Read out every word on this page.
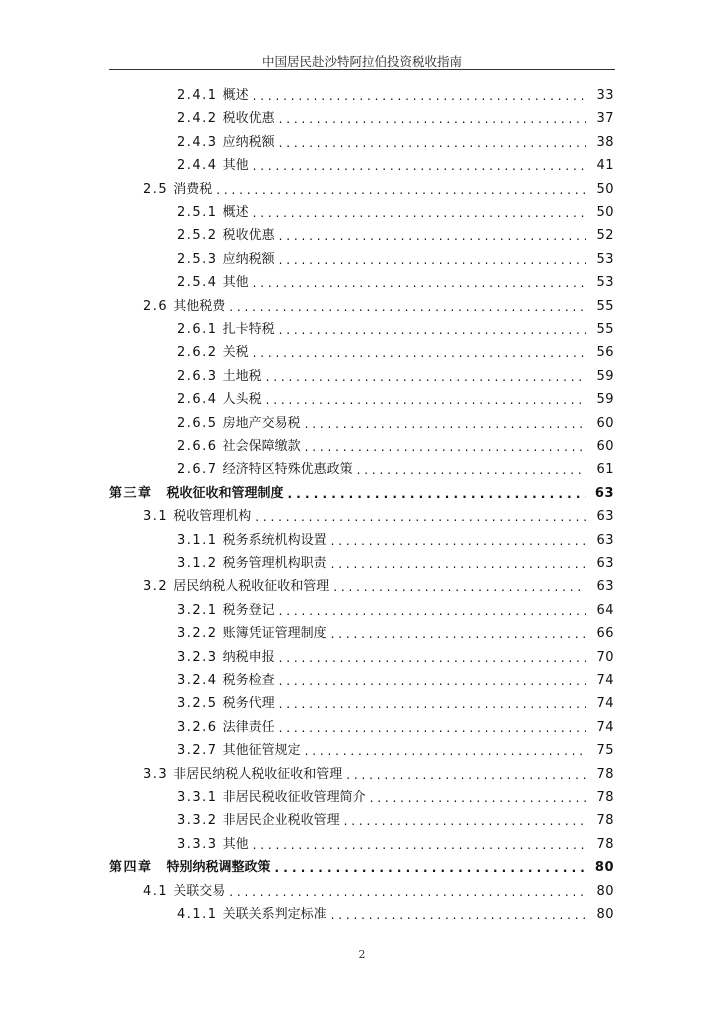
中国居民赴沙特阿拉伯投资税收指南
2.4.1 概述 . . .	33
2.4.2 税收优惠 . . .	37
2.4.3 应纳税额 . . .	38
2.4.4 其他 . . .	41
2.5 消费税 . . .	50
2.5.1 概述 . . .	50
2.5.2 税收优惠 . . .	52
2.5.3 应纳税额 . . .	53
2.5.4 其他 . . .	53
2.6 其他税费 . . .	55
2.6.1 扎卡特税 . . .	55
2.6.2 关税 . . .	56
2.6.3 土地税 . . .	59
2.6.4 人头税 . . .	59
2.6.5 房地产交易税 . . .	60
2.6.6 社会保障缴款 . . .	60
2.6.7 经济特区特殊优惠政策 . . .	61
第三章	税收征收和管理制度 . . .	63
3.1 税收管理机构 . . .	63
3.1.1 税务系统机构设置 . . .	63
3.1.2 税务管理机构职责 . . .	63
3.2 居民纳税人税收征收和管理 . . .	63
3.2.1 税务登记 . . .	64
3.2.2 账簿凭证管理制度 . . .	66
3.2.3 纳税申报 . . .	70
3.2.4 税务检查 . . .	74
3.2.5 税务代理 . . .	74
3.2.6 法律责任 . . .	74
3.2.7 其他征管规定 . . .	75
3.3 非居民纳税人税收征收和管理 . . .	78
3.3.1 非居民税收征收管理简介 . . .	78
3.3.2 非居民企业税收管理 . . .	78
3.3.3 其他 . . .	78
第四章	特别纳税调整政策 . . .	80
4.1 关联交易 . . .	80
4.1.1 关联关系判定标准 . . .	80
2
